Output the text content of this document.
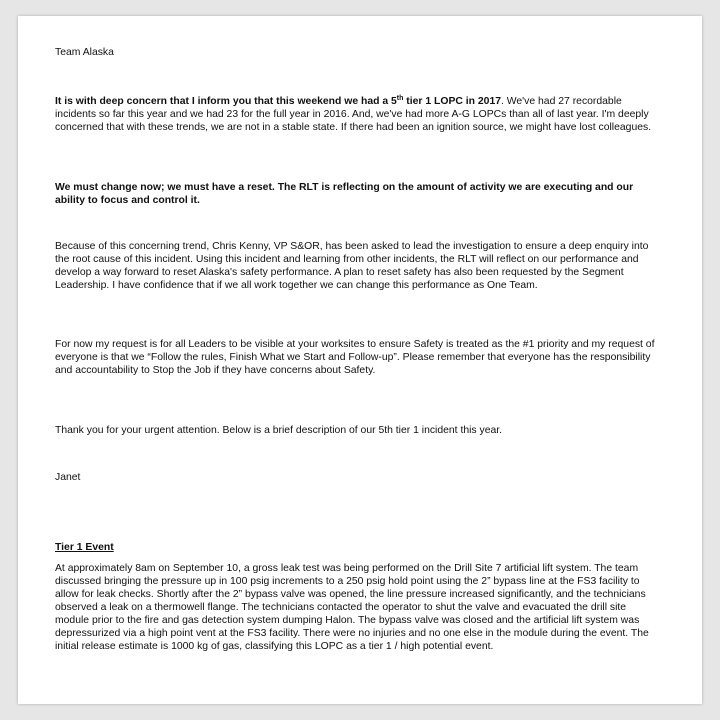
Team Alaska

It is with deep concern that I inform you that this weekend we had a 5th tier 1 LOPC in 2017. We've had 27 recordable incidents so far this year and we had 23 for the full year in 2016. And, we've had more A-G LOPCs than all of last year. I'm deeply concerned that with these trends, we are not in a stable state. If there had been an ignition source, we might have lost colleagues.

We must change now; we must have a reset. The RLT is reflecting on the amount of activity we are executing and our ability to focus and control it.

Because of this concerning trend, Chris Kenny, VP S&OR, has been asked to lead the investigation to ensure a deep enquiry into the root cause of this incident. Using this incident and learning from other incidents, the RLT will reflect on our performance and develop a way forward to reset Alaska's safety performance. A plan to reset safety has also been requested by the Segment Leadership. I have confidence that if we all work together we can change this performance as One Team.

For now my request is for all Leaders to be visible at your worksites to ensure Safety is treated as the #1 priority and my request of everyone is that we “Follow the rules, Finish What we Start and Follow-up”. Please remember that everyone has the responsibility and accountability to Stop the Job if they have concerns about Safety.

Thank you for your urgent attention. Below is a brief description of our 5th tier 1 incident this year.

Janet

Tier 1 Event

At approximately 8am on September 10, a gross leak test was being performed on the Drill Site 7 artificial lift system. The team discussed bringing the pressure up in 100 psig increments to a 250 psig hold point using the 2” bypass line at the FS3 facility to allow for leak checks. Shortly after the 2” bypass valve was opened, the line pressure increased significantly, and the technicians observed a leak on a thermowell flange. The technicians contacted the operator to shut the valve and evacuated the drill site module prior to the fire and gas detection system dumping Halon. The bypass valve was closed and the artificial lift system was depressurized via a high point vent at the FS3 facility. There were no injuries and no one else in the module during the event. The initial release estimate is 1000 kg of gas, classifying this LOPC as a tier 1 / high potential event.
